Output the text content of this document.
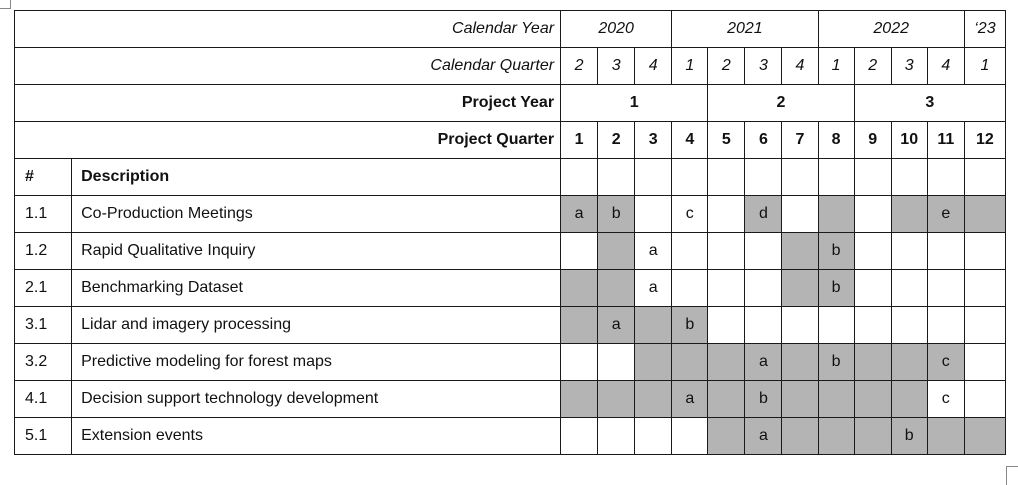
Calendar Year		2020			2021				2022				‘23
Calendar Quarter		2	3	4	1	2	3	4	1	2	3	4	1
Project Year		1				2				3			
Project Quarter		1	2	3	4	5	6	7	8	9	10	11	12
#	Description												
1.1	Co-Production Meetings	a	b		c		d					e	
1.2	Rapid Qualitative Inquiry			a					b				
2.1	Benchmarking Dataset			a					b				
3.1	Lidar and imagery processing		a		b								
3.2	Predictive modeling for forest maps						a		b			c	
4.1	Decision support technology development				a		b					c	
5.1	Extension events						a				b		
